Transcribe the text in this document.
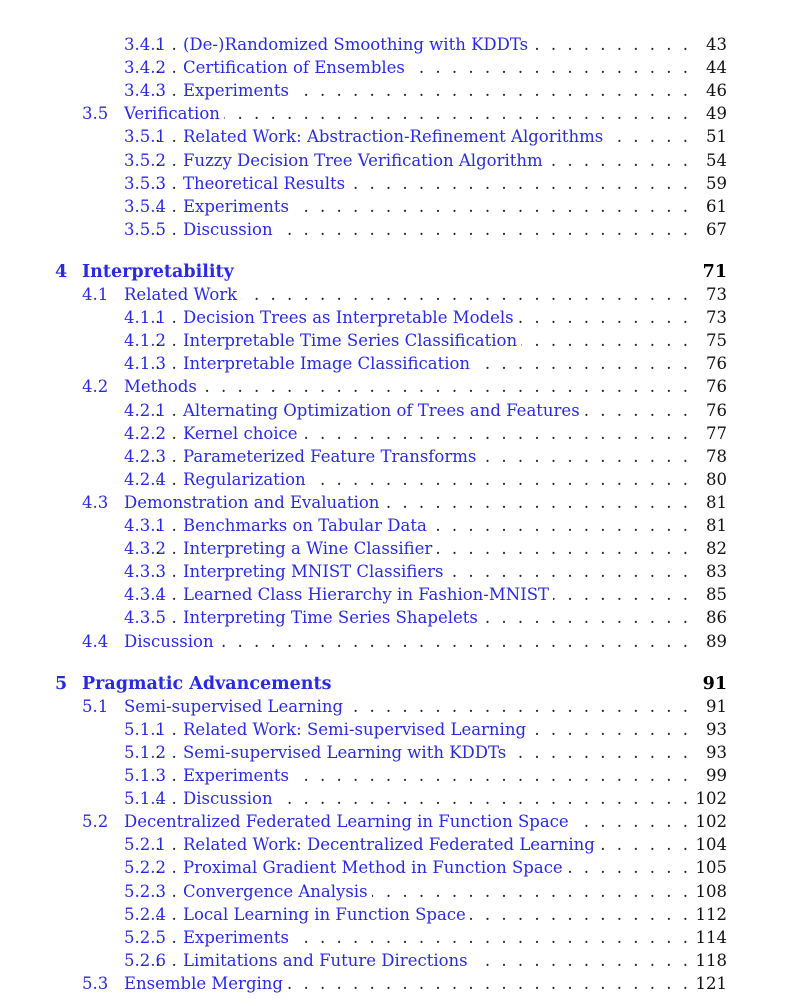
. . .
3.4.1 (De-)Randomized Smoothing with KDDTs	43
. . .
3.4.2 Certification of Ensembles	44
. . .
3.4.3 Experiments	46
. . .
3.5 Verification	49
. . .
3.5.1 Related Work: Abstraction-Refinement Algorithms	51
. . .
3.5.2 Fuzzy Decision Tree Verification Algorithm	54
. . .
3.5.3 Theoretical Results	59
. . .
3.5.4 Experiments	61
. . .
3.5.5 Discussion	67
4 Interpretability	71
. . .
4.1 Related Work	73
. . .
4.1.1 Decision Trees as Interpretable Models	73
. . .
4.1.2 Interpretable Time Series Classification	75
. . .
4.1.3 Interpretable Image Classification	76
. . .
4.2 Methods	76
. . .
4.2.1 Alternating Optimization of Trees and Features	76
. . .
4.2.2 Kernel choice	77
. . .
4.2.3 Parameterized Feature Transforms	78
. . .
4.2.4 Regularization	80
. . .
4.3 Demonstration and Evaluation	81
. . .
4.3.1 Benchmarks on Tabular Data	81
. . .
4.3.2 Interpreting a Wine Classifier	82
. . .
4.3.3 Interpreting MNIST Classifiers	83
. . .
4.3.4 Learned Class Hierarchy in Fashion-MNIST	85
. . .
4.3.5 Interpreting Time Series Shapelets	86
. . .
4.4 Discussion	89
5 Pragmatic Advancements	91
. . .
5.1 Semi-supervised Learning	91
. . .
5.1.1 Related Work: Semi-supervised Learning	93
. . .
5.1.2 Semi-supervised Learning with KDDTs	93
. . .
5.1.3 Experiments	99
. . .
5.1.4 Discussion	102
. . .
5.2 Decentralized Federated Learning in Function Space	102
. . .
5.2.1 Related Work: Decentralized Federated Learning	104
. . .
5.2.2 Proximal Gradient Method in Function Space	105
. . .
5.2.3 Convergence Analysis	108
. . .
5.2.4 Local Learning in Function Space	112
. . .
5.2.5 Experiments	114
. . .
5.2.6 Limitations and Future Directions	118
. . .
5.3 Ensemble Merging	121
